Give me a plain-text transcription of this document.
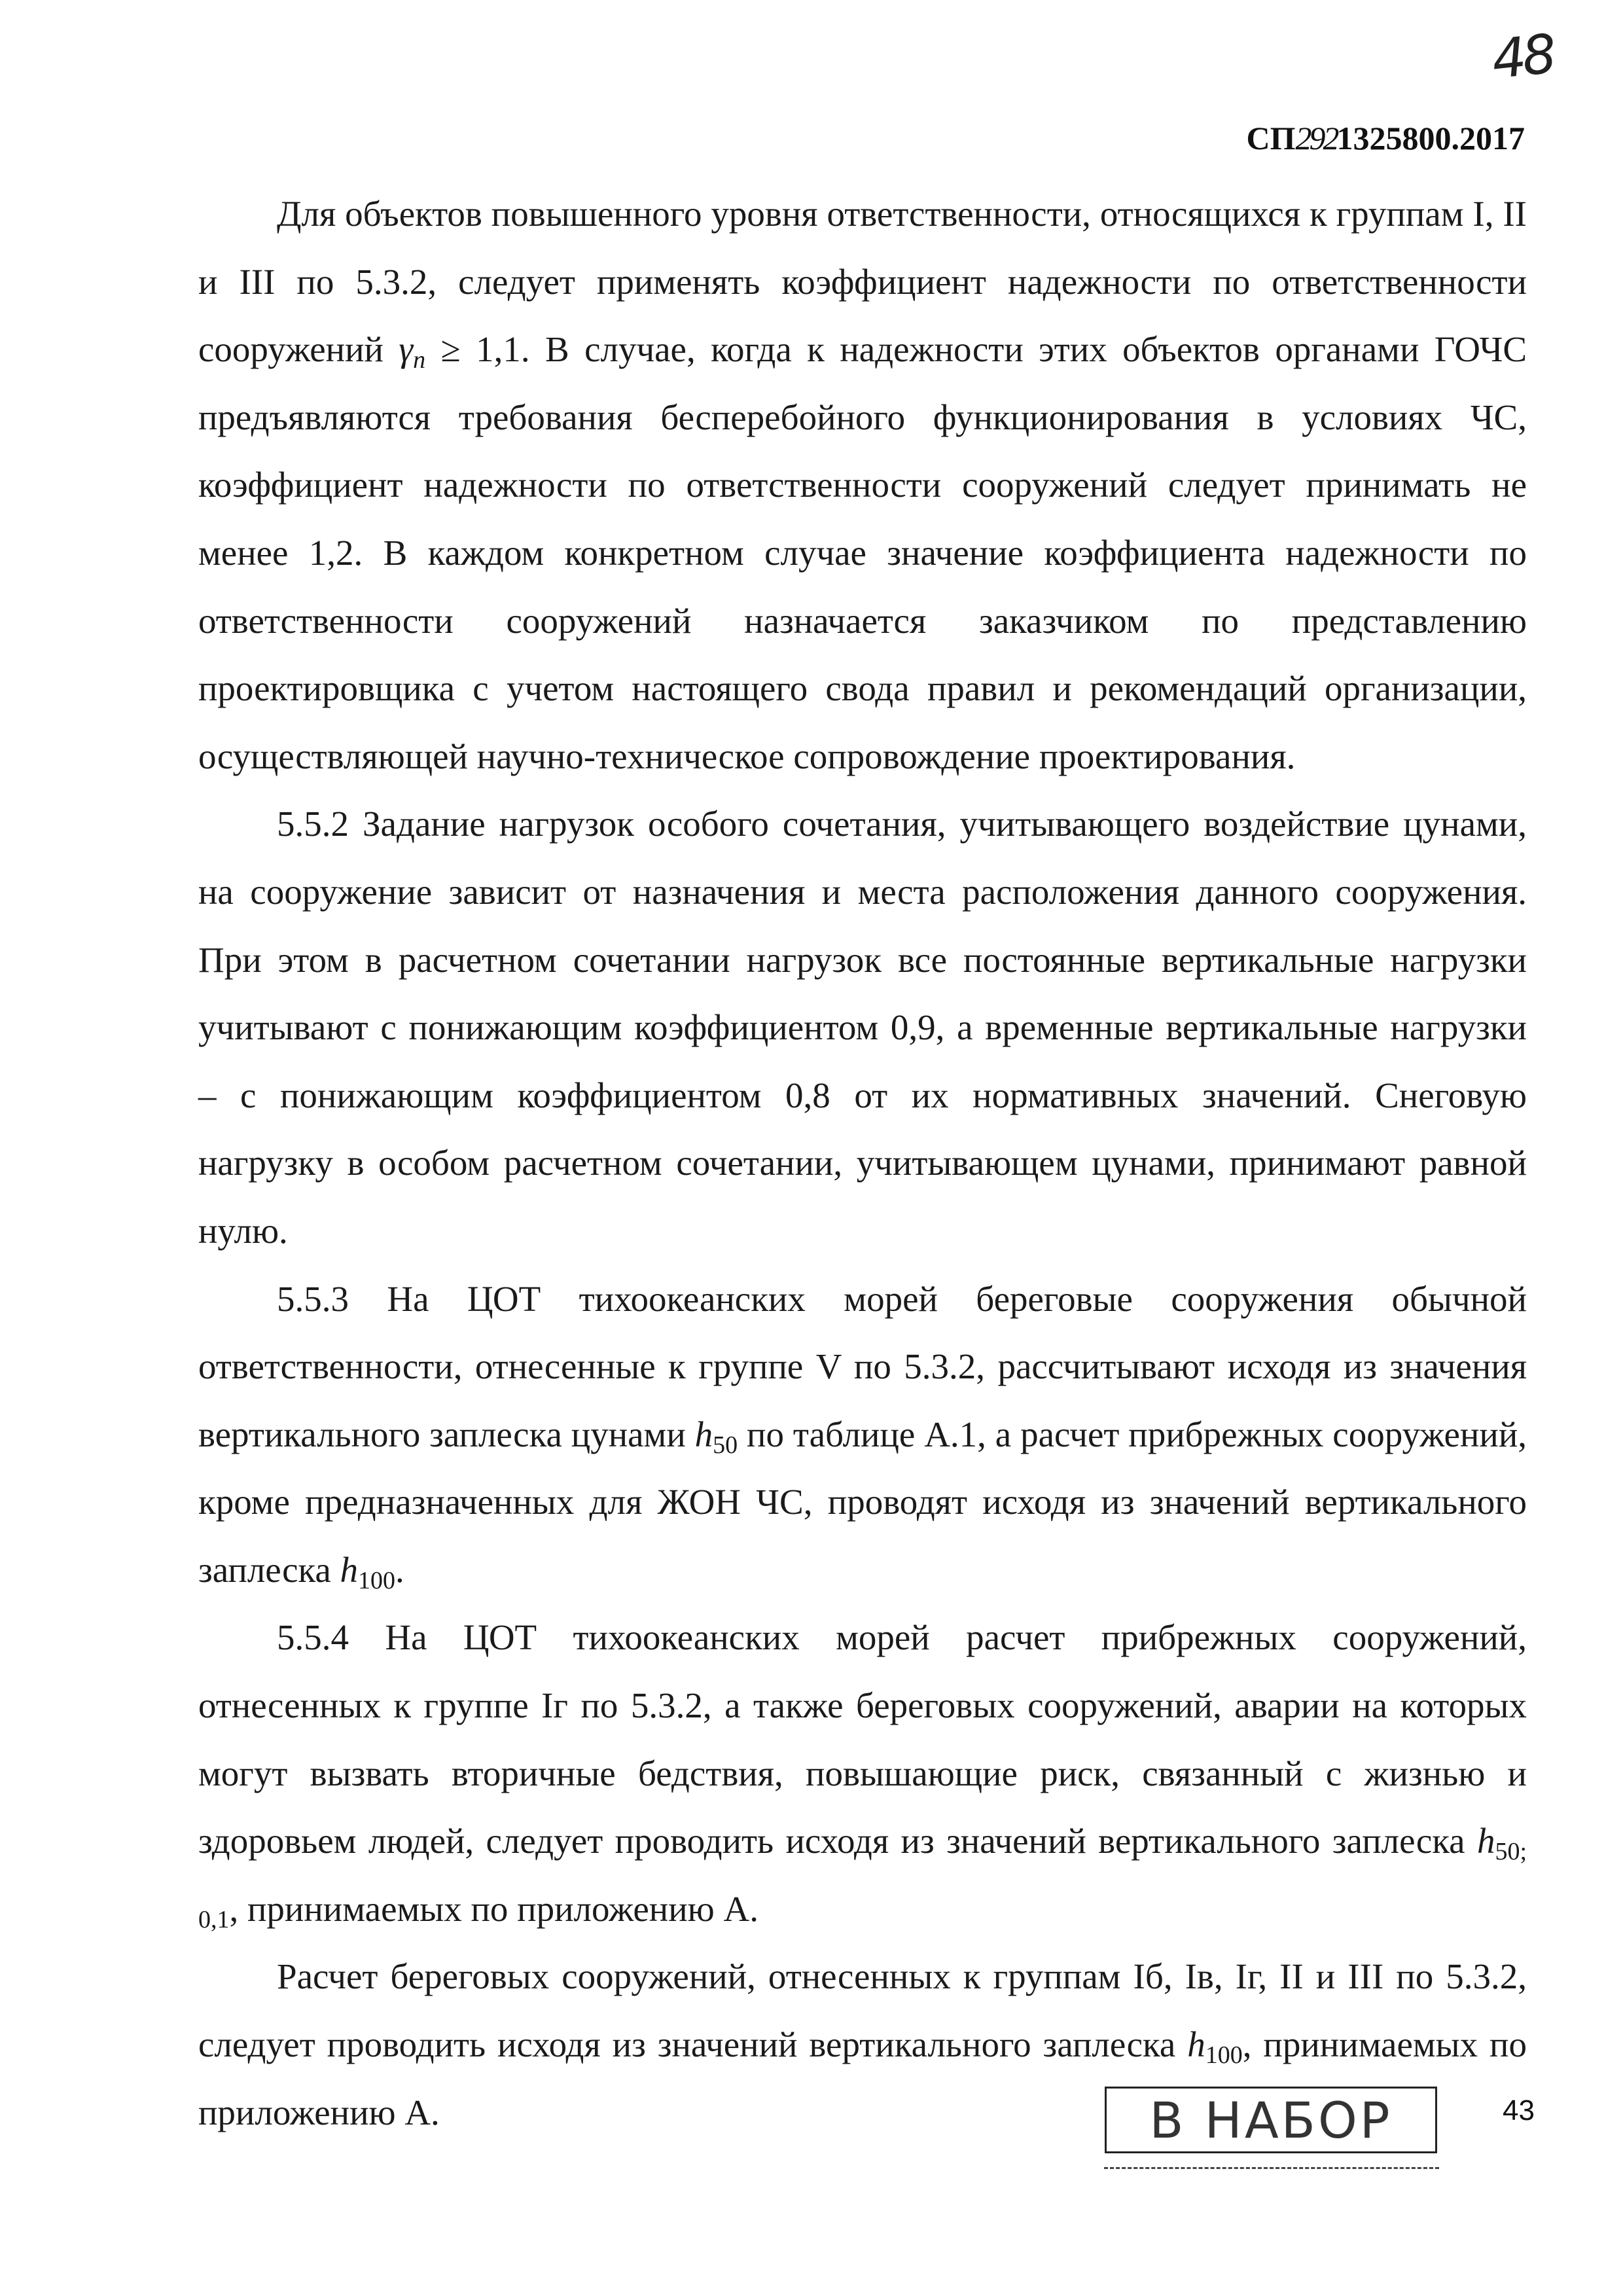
48
СП2921325800.2017

Для объектов повышенного уровня ответственности, относящихся к группам I, II и III по 5.3.2, следует применять коэффициент надежности по ответственности сооружений $\gamma_n \ge 1,1$. В случае, когда к надежности этих объектов органами ГОЧС предъявляются требования бесперебойного функционирования в условиях ЧС, коэффициент надежности по ответственности сооружений следует принимать не менее 1,2. В каждом конкретном случае значение коэффициента надежности по ответственности сооружений назначается заказчиком по представлению проектировщика с учетом настоящего свода правил и рекомендаций организации, осуществляющей научно-техническое сопровождение проектирования.

5.5.2 Задание нагрузок особого сочетания, учитывающего воздействие цунами, на сооружение зависит от назначения и места расположения данного сооружения. При этом в расчетном сочетании нагрузок все постоянные вертикальные нагрузки учитывают с понижающим коэффициентом 0,9, а временные вертикальные нагрузки – с понижающим коэффициентом 0,8 от их нормативных значений. Снеговую нагрузку в особом расчетном сочетании, учитывающем цунами, принимают равной нулю.

5.5.3 На ЦОТ тихоокеанских морей береговые сооружения обычной ответственности, отнесенные к группе V по 5.3.2, рассчитывают исходя из значения вертикального заплеска цунами $h_{50}$ по таблице А.1, а расчет прибрежных сооружений, кроме предназначенных для ЖОН ЧС, проводят исходя из значений вертикального заплеска $h_{100}$.

5.5.4 На ЦОТ тихоокеанских морей расчет прибрежных сооружений, отнесенных к группе Iг по 5.3.2, а также береговых сооружений, аварии на которых могут вызвать вторичные бедствия, повышающие риск, связанный с жизнью и здоровьем людей, следует проводить исходя из значений вертикального заплеска $h_{50; 0,1}$, принимаемых по приложению А.

Расчет береговых сооружений, отнесенных к группам Iб, Iв, Iг, II и III по 5.3.2, следует проводить исходя из значений вертикального заплеска $h_{100}$, принимаемых по приложению А.	В НАБОР	43
